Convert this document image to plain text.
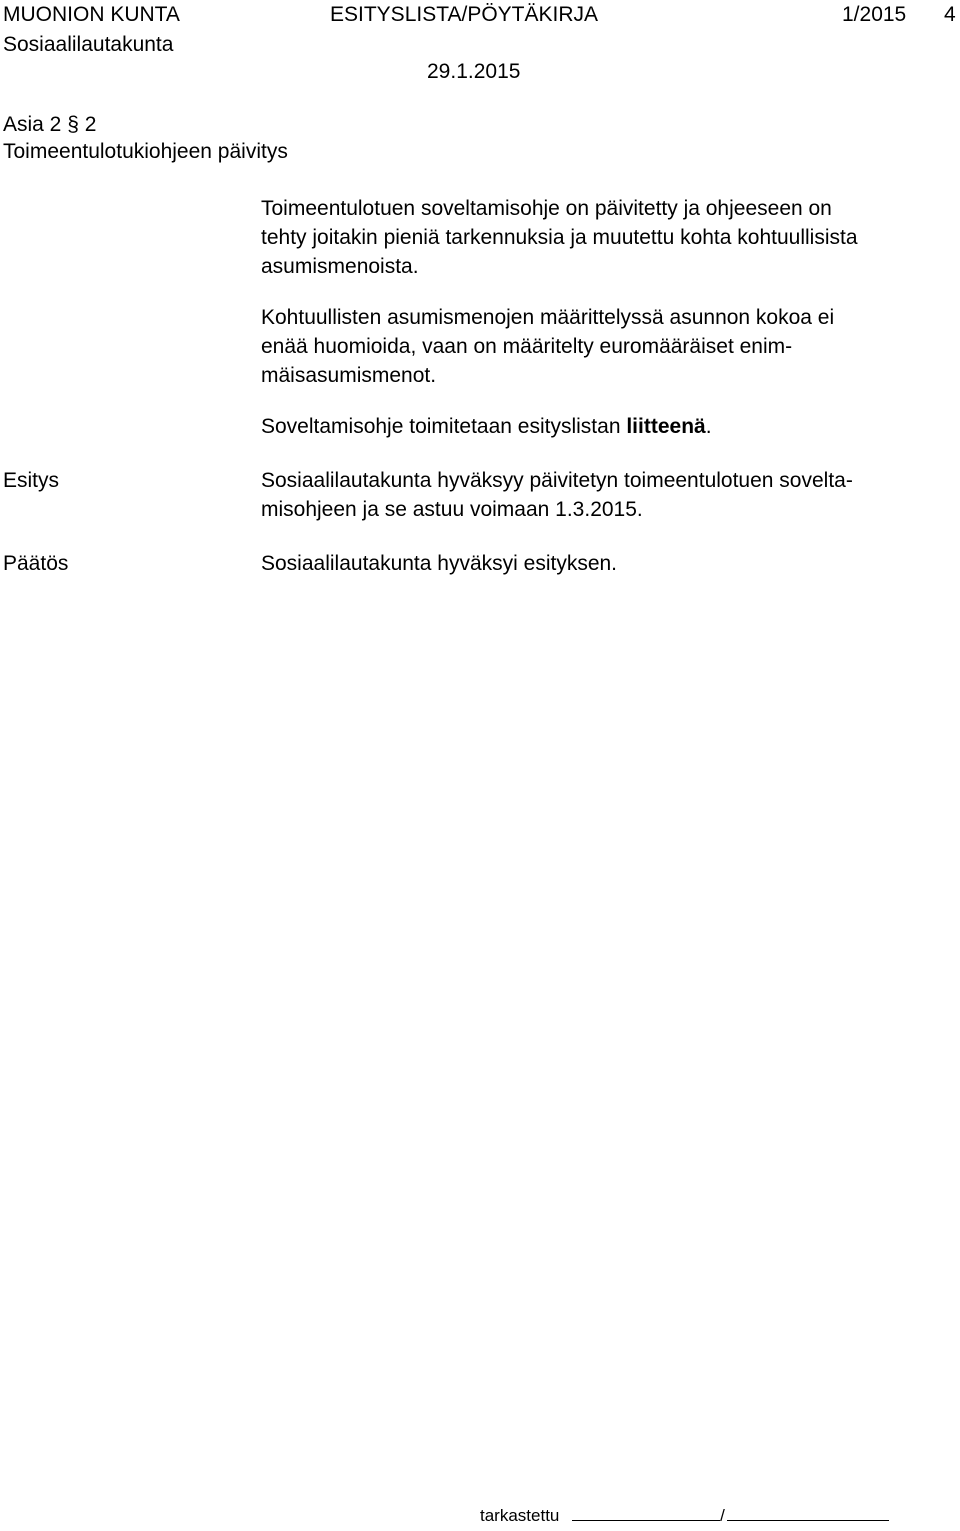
MUONION KUNTA	ESITYSLISTA/PÖYTÄKIRJA	1/2015 4
Sosiaalilautakunta
29.1.2015
Asia 2 § 2
Toimeentulotukiohjeen päivitys
Toimeentulotuen soveltamisohje on päivitetty ja ohjeeseen on
tehty joitakin pieniä tarkennuksia ja muutettu kohta kohtuullisista
asumismenoista.
Kohtuullisten asumismenojen määrittelyssä asunnon kokoa ei
enää huomioida, vaan on määritelty euromääräiset enim-
mäisasumismenot.
Soveltamisohje toimitetaan esityslistan liitteenä.
Esitys	Sosiaalilautakunta hyväksyy päivitetyn toimeentulotuen sovelta-
misohjeen ja se astuu voimaan 1.3.2015.
Päätös	Sosiaalilautakunta hyväksyi esityksen.
tarkastettu	/
